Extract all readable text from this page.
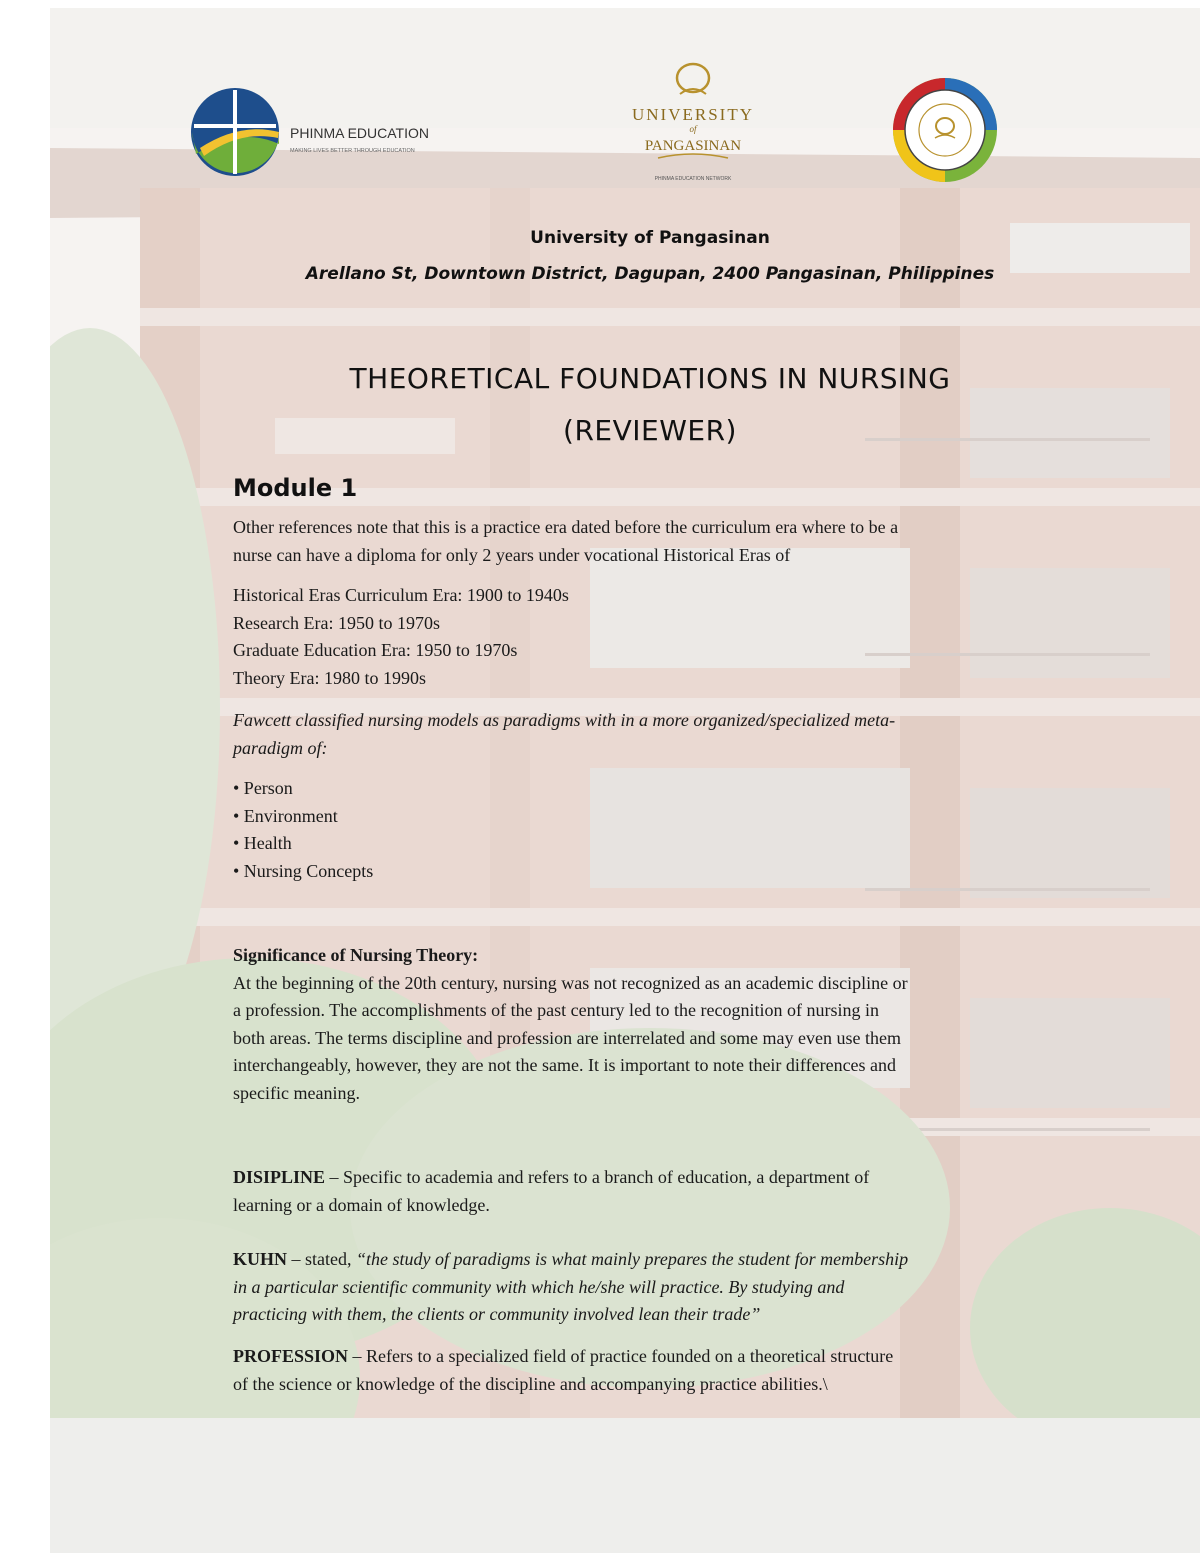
PHINMA EDUCATION
MAKING LIVES BETTER THROUGH EDUCATION
UNIVERSITY
of
PANGASINAN
PHINMA EDUCATION NETWORK
University of Pangasinan
Arellano St, Downtown District, Dagupan, 2400 Pangasinan, Philippines
THEORETICAL FOUNDATIONS IN NURSING
(REVIEWER)
Module 1
Other references note that this is a practice era dated before the curriculum era where to be a
nurse can have a diploma for only 2 years under vocational Historical Eras of
Historical Eras Curriculum Era: 1900 to 1940s
Research Era: 1950 to 1970s
Graduate Education Era: 1950 to 1970s
Theory Era: 1980 to 1990s
Fawcett classified nursing models as paradigms with in a more organized/specialized meta-
paradigm of:
• Person
• Environment
• Health
• Nursing Concepts
Significance of Nursing Theory:
At the beginning of the 20th century, nursing was not recognized as an academic discipline or
a profession. The accomplishments of the past century led to the recognition of nursing in
both areas. The terms discipline and profession are interrelated and some may even use them
interchangeably, however, they are not the same. It is important to note their differences and
specific meaning.
DISIPLINE – Specific to academia and refers to a branch of education, a department of
learning or a domain of knowledge.
KUHN – stated, “the study of paradigms is what mainly prepares the student for membership
in a particular scientific community with which he/she will practice. By studying and
practicing with them, the clients or community involved lean their trade”
PROFESSION – Refers to a specialized field of practice founded on a theoretical structure
of the science or knowledge of the discipline and accompanying practice abilities.\
